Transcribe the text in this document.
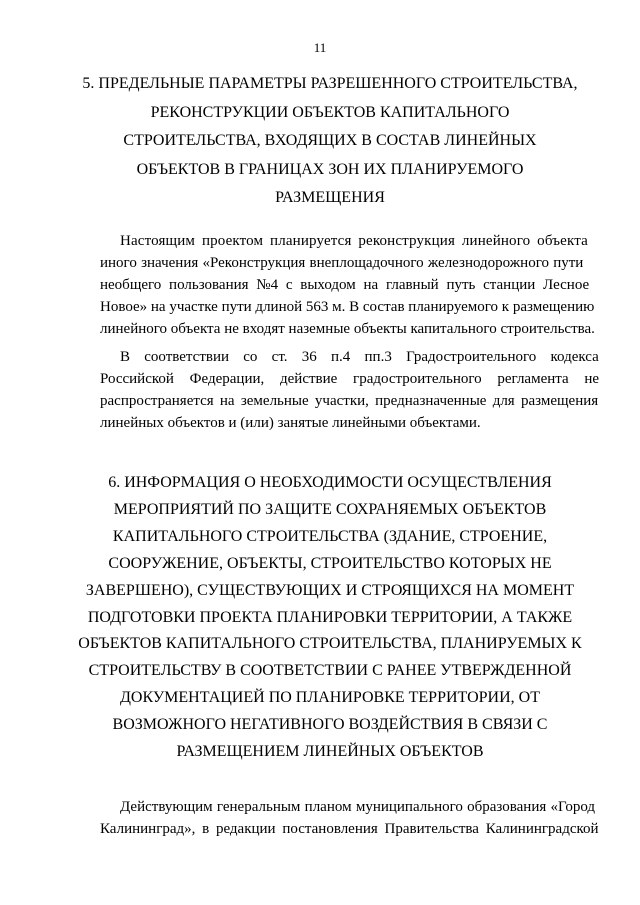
11
5. ПРЕДЕЛЬНЫЕ ПАРАМЕТРЫ РАЗРЕШЕННОГО СТРОИТЕЛЬСТВА,
РЕКОНСТРУКЦИИ ОБЪЕКТОВ КАПИТАЛЬНОГО
СТРОИТЕЛЬСТВА, ВХОДЯЩИХ В СОСТАВ ЛИНЕЙНЫХ
ОБЪЕКТОВ В ГРАНИЦАХ ЗОН ИХ ПЛАНИРУЕМОГО
РАЗМЕЩЕНИЯ
Настоящим проектом планируется реконструкция линейного объекта
иного значения «Реконструкция внеплощадочного железнодорожного пути
необщего пользования №4 с выходом на главный путь станции Лесное
Новое» на участке пути длиной 563 м. В состав планируемого к размещению
линейного объекта не входят наземные объекты капитального строительства.
В соответствии со ст. 36 п.4 пп.3 Градостроительного кодекса
Российской Федерации, действие градостроительного регламента не
распространяется на земельные участки, предназначенные для размещения
линейных объектов и (или) занятые линейными объектами.
6. ИНФОРМАЦИЯ О НЕОБХОДИМОСТИ ОСУЩЕСТВЛЕНИЯ
МЕРОПРИЯТИЙ ПО ЗАЩИТЕ СОХРАНЯЕМЫХ ОБЪЕКТОВ
КАПИТАЛЬНОГО СТРОИТЕЛЬСТВА (ЗДАНИЕ, СТРОЕНИЕ,
СООРУЖЕНИЕ, ОБЪЕКТЫ, СТРОИТЕЛЬСТВО КОТОРЫХ НЕ
ЗАВЕРШЕНО), СУЩЕСТВУЮЩИХ И СТРОЯЩИХСЯ НА МОМЕНТ
ПОДГОТОВКИ ПРОЕКТА ПЛАНИРОВКИ ТЕРРИТОРИИ, А ТАКЖЕ
ОБЪЕКТОВ КАПИТАЛЬНОГО СТРОИТЕЛЬСТВА, ПЛАНИРУЕМЫХ К
СТРОИТЕЛЬСТВУ В СООТВЕТСТВИИ С РАНЕЕ УТВЕРЖДЕННОЙ
ДОКУМЕНТАЦИЕЙ ПО ПЛАНИРОВКЕ ТЕРРИТОРИИ, ОТ
ВОЗМОЖНОГО НЕГАТИВНОГО ВОЗДЕЙСТВИЯ В СВЯЗИ С
РАЗМЕЩЕНИЕМ ЛИНЕЙНЫХ ОБЪЕКТОВ
Действующим генеральным планом муниципального образования «Город
Калининград», в редакции постановления Правительства Калининградской
